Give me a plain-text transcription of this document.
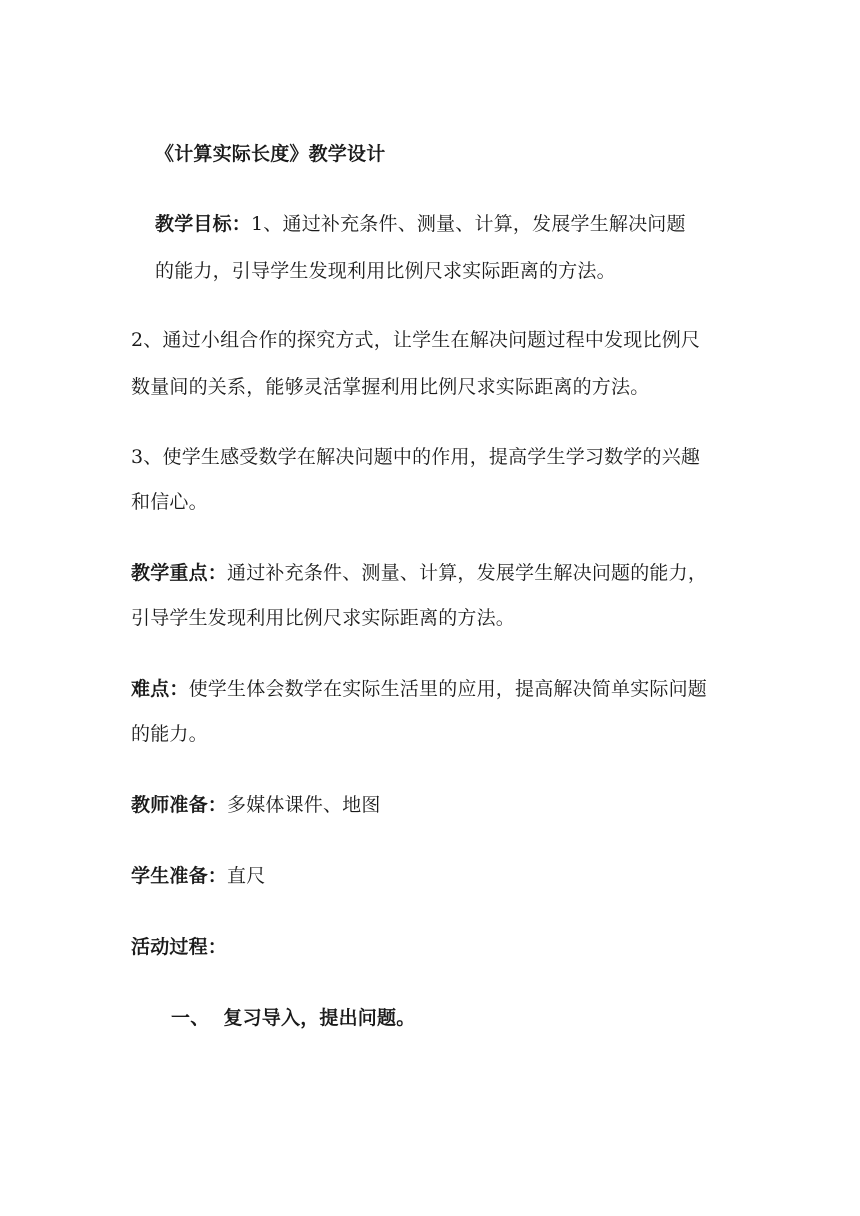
《计算实际长度》教学设计
教学目标：1、通过补充条件、测量、计算，发展学生解决问题
的能力，引导学生发现利用比例尺求实际距离的方法。
2、通过小组合作的探究方式，让学生在解决问题过程中发现比例尺
数量间的关系，能够灵活掌握利用比例尺求实际距离的方法。
3、使学生感受数学在解决问题中的作用，提高学生学习数学的兴趣
和信心。
教学重点：通过补充条件、测量、计算，发展学生解决问题的能力，
引导学生发现利用比例尺求实际距离的方法。
难点：使学生体会数学在实际生活里的应用，提高解决简单实际问题
的能力。
教师准备：多媒体课件、地图
学生准备：直尺
活动过程：
一、 复习导入，提出问题。
